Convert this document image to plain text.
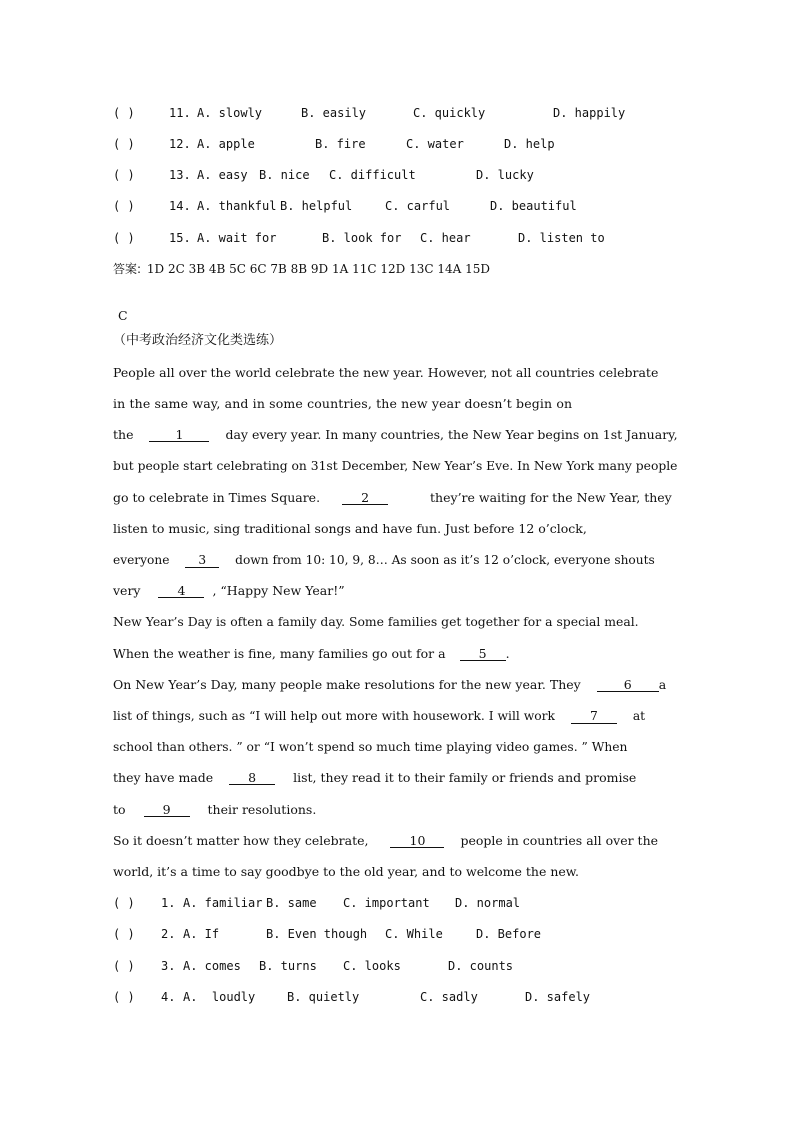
( )	11. A. slowly	B. easily	C. quickly	D. happily
( )	12. A. apple	B. fire	C. water	D. help
( )	13. A. easy B. nice C. difficult	D. lucky
( )	14. A. thankful B. helpful	C. carful	D. beautiful
( )	15. A. wait for	B. look for C. hear	D. listen to
答案: 1D 2C 3B 4B 5C 6C 7B 8B 9D 1A 11C 12D 13C 14A 15D
C
（中考政治经济文化类选练）
People all over the world celebrate the new year. However, not all countries celebrate
in the same way, and in some countries, the new year doesn’t begin on
the	1	day every year. In many countries, the New Year begins on 1st January,
but people start celebrating on 31st December, New Year’s Eve. In New York many people
go to celebrate in Times Square.	2	they’re waiting for the New Year, they
listen to music, sing traditional songs and have fun. Just before 12 o’clock,
everyone 3 down from 10: 10, 9, 8… As soon as it’s 12 o’clock, everyone shouts
very	4 , “Happy New Year!”
New Year’s Day is often a family day. Some families get together for a special meal.
When the weather is fine, many families go out for a	5 .
On New Year’s Day, many people make resolutions for the new year. They	6 a
list of things, such as “I will help out more with housework. I will work	7	at
school than others. ” or “I won’t spend so much time playing video games. ” When
they have made	8	list, they read it to their family or friends and promise
to	9	their resolutions.
So it doesn’t matter how they celebrate,	10	people in countries all over the
world, it’s a time to say goodbye to the old year, and to welcome the new.
( ) 1. A. familiar B. same C. important D. normal
( ) 2. A. If	B. Even though C. While	D. Before
( ) 3. A. comes B. turns C. looks	D. counts
( ) 4. A.  loudly	B. quietly	C. sadly	D. safely
